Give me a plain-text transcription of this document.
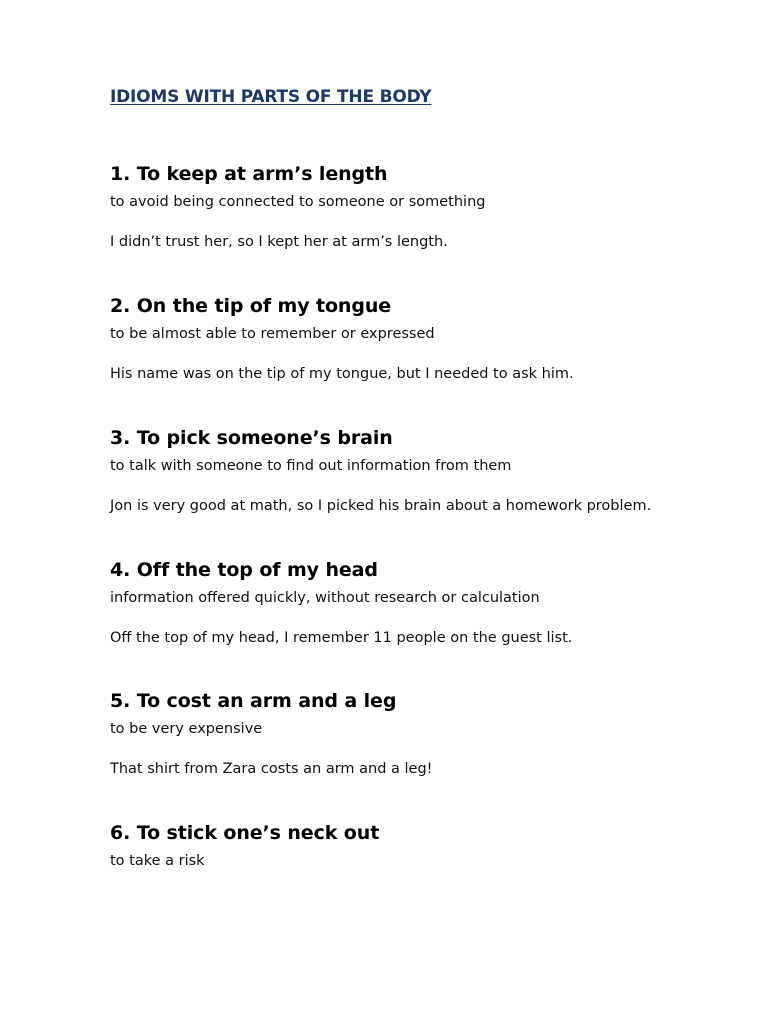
IDIOMS WITH PARTS OF THE BODY
1. To keep at arm’s length

to avoid being connected to someone or something

I didn’t trust her, so I kept her at arm’s length.

2. On the tip of my tongue

to be almost able to remember or expressed

His name was on the tip of my tongue, but I needed to ask him.

3. To pick someone’s brain

to talk with someone to find out information from them

Jon is very good at math, so I picked his brain about a homework problem.

4. Off the top of my head

information offered quickly, without research or calculation

Off the top of my head, I remember 11 people on the guest list.

5. To cost an arm and a leg

to be very expensive

That shirt from Zara costs an arm and a leg!

6. To stick one’s neck out

to take a risk
